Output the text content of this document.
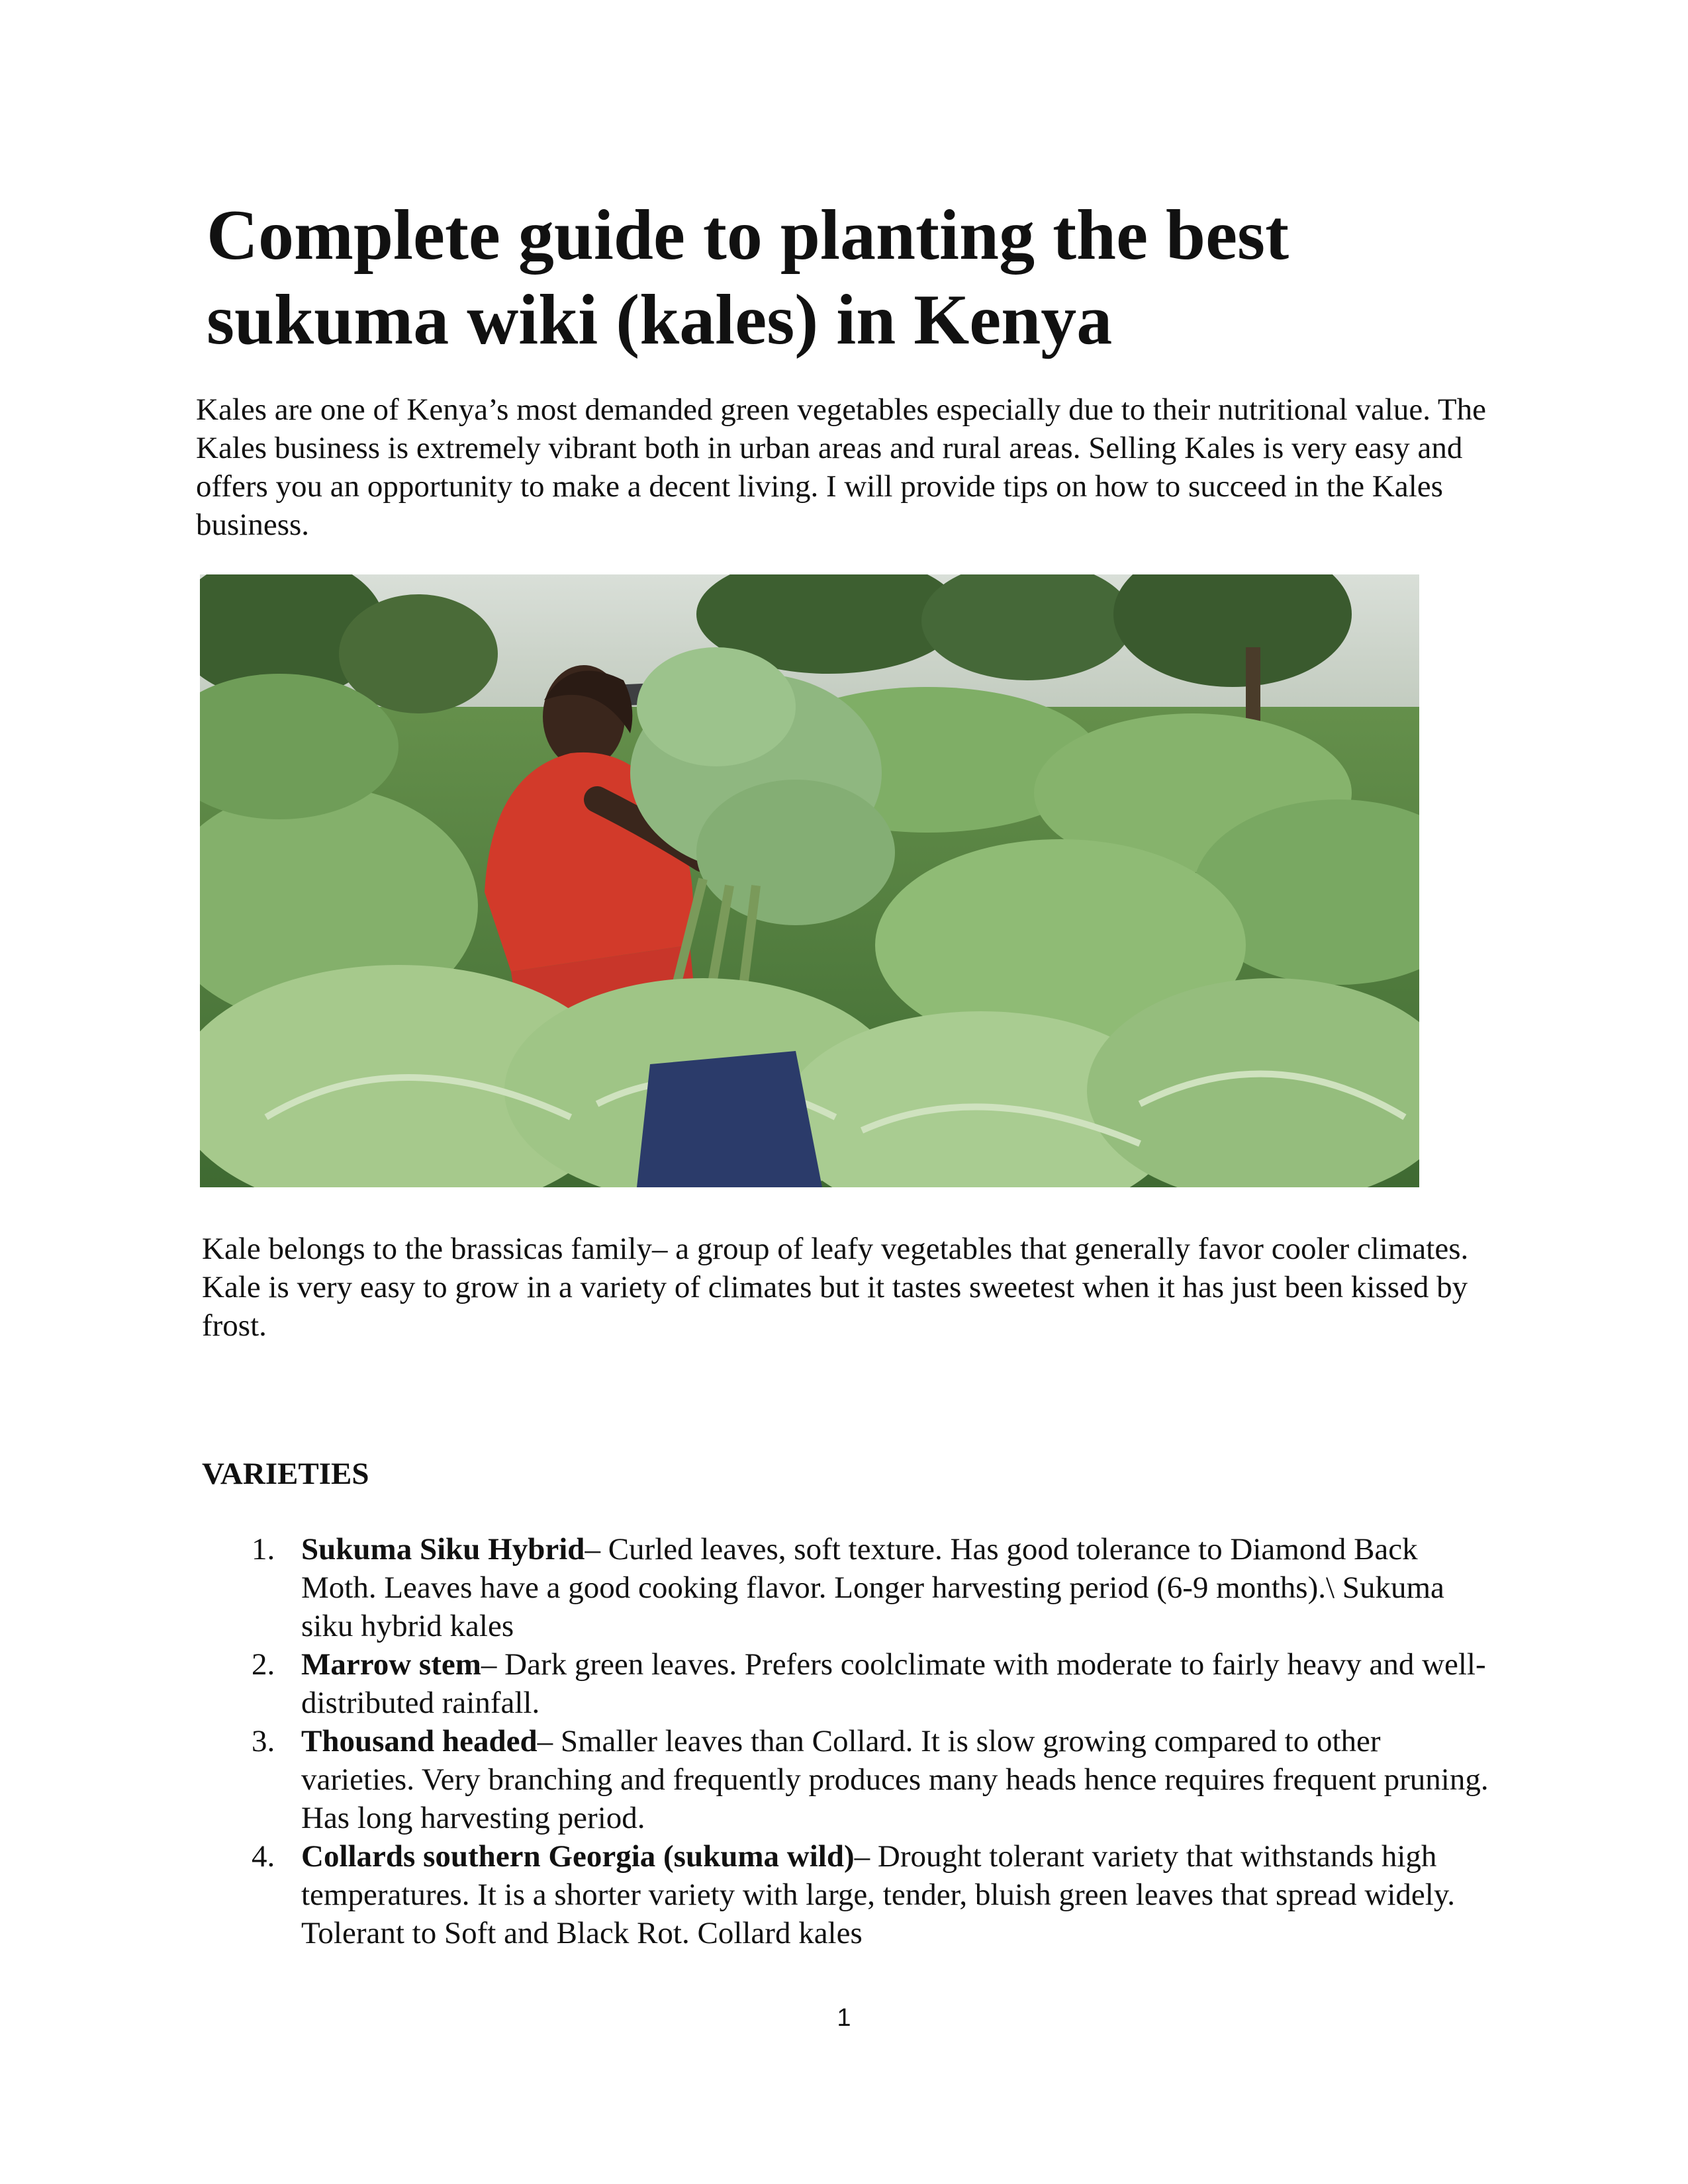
Complete guide to planting the best sukuma wiki (kales) in Kenya

Kales are one of Kenya’s most demanded green vegetables especially due to their nutritional value. The Kales business is extremely vibrant both in urban areas and rural areas. Selling Kales is very easy and offers you an opportunity to make a decent living. I will provide tips on how to succeed in the Kales business.

Kale belongs to the brassicas family– a group of leafy vegetables that generally favor cooler climates. Kale is very easy to grow in a variety of climates but it tastes sweetest when it has just been kissed by frost.

VARIETIES
1. Sukuma Siku Hybrid– Curled leaves, soft texture. Has good tolerance to Diamond Back Moth. Leaves have a good cooking flavor. Longer harvesting period (6-9 months).\ Sukuma siku hybrid kales
2. Marrow stem– Dark green leaves. Prefers coolclimate with moderate to fairly heavy and well-distributed rainfall.
3. Thousand headed– Smaller leaves than Collard. It is slow growing compared to other varieties. Very branching and frequently produces many heads hence requires frequent pruning. Has long harvesting period.
4. Collards southern Georgia (sukuma wild)– Drought tolerant variety that withstands high temperatures. It is a shorter variety with large, tender, bluish green leaves that spread widely. Tolerant to Soft and Black Rot. Collard kales
1
